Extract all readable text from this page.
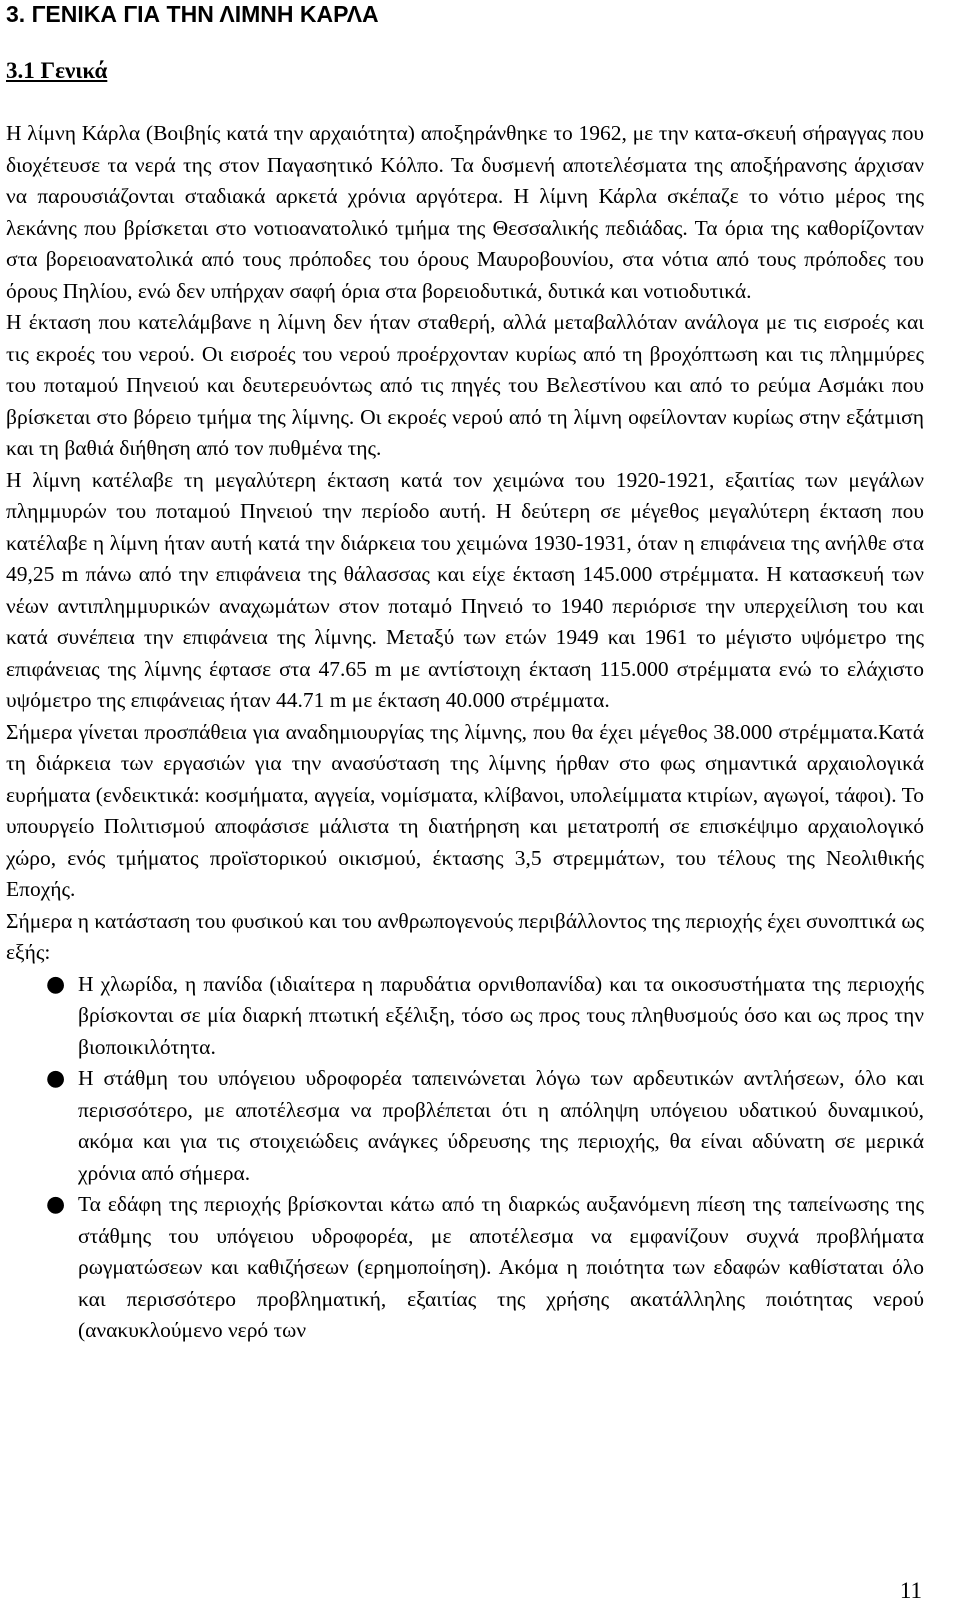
3. ΓΕΝΙΚΑ ΓΙΑ ΤΗΝ ΛΙΜΝΗ ΚΑΡΛΑ
3.1 Γενικά

Η λίμνη Κάρλα (Βοιβηίς κατά την αρχαιότητα) αποξηράνθηκε το 1962, με την κατα-σκευή σήραγγας που διοχέτευσε τα νερά της στον Παγασητικό Κόλπο. Τα δυσμενή αποτελέσματα της αποξήρανσης άρχισαν να παρουσιάζονται σταδιακά αρκετά χρόνια αργότερα. Η λίμνη Κάρλα σκέπαζε το νότιο μέρος της λεκάνης που βρίσκεται στο νοτιοανατολικό τμήμα της Θεσσαλικής πεδιάδας. Τα όρια της καθορίζονταν στα βορειοανατολικά από τους πρόποδες του όρους Μαυροβουνίου, στα νότια από τους πρόποδες του όρους Πηλίου, ενώ δεν υπήρχαν σαφή όρια στα βορειοδυτικά, δυτικά και νοτιοδυτικά.

Η έκταση που κατελάμβανε η λίμνη δεν ήταν σταθερή, αλλά μεταβαλλόταν ανάλογα με τις εισροές και τις εκροές του νερού. Οι εισροές του νερού προέρχονταν κυρίως από τη βροχόπτωση και τις πλημμύρες του ποταμού Πηνειού και δευτερευόντως από τις πηγές του Βελεστίνου και από το ρεύμα Ασμάκι που βρίσκεται στο βόρειο τμήμα της λίμνης. Οι εκροές νερού από τη λίμνη οφείλονταν κυρίως στην εξάτμιση και τη βαθιά διήθηση από τον πυθμένα της.

Η λίμνη κατέλαβε τη μεγαλύτερη έκταση κατά τον χειμώνα του 1920-1921, εξαιτίας των μεγάλων πλημμυρών του ποταμού Πηνειού την περίοδο αυτή. Η δεύτερη σε μέγεθος μεγαλύτερη έκταση που κατέλαβε η λίμνη ήταν αυτή κατά την διάρκεια του χειμώνα 1930-1931, όταν η επιφάνεια της ανήλθε στα 49,25 m πάνω από την επιφάνεια της θάλασσας και είχε έκταση 145.000 στρέμματα. Η κατασκευή των νέων αντιπλημμυρικών αναχωμάτων στον ποταμό Πηνειό το 1940 περιόρισε την υπερχείλιση του και κατά συνέπεια την επιφάνεια της λίμνης. Μεταξύ των ετών 1949 και 1961 το μέγιστο υψόμετρο της επιφάνειας της λίμνης έφτασε στα 47.65 m με αντίστοιχη έκταση 115.000 στρέμματα ενώ το ελάχιστο υψόμετρο της επιφάνειας ήταν 44.71 m με έκταση 40.000 στρέμματα.

Σήμερα γίνεται προσπάθεια για αναδημιουργίας της λίμνης, που θα έχει μέγεθος 38.000 στρέμματα.Κατά τη διάρκεια των εργασιών για την ανασύσταση της λίμνης ήρθαν στο φως σημαντικά αρχαιολογικά ευρήματα (ενδεικτικά: κοσμήματα, αγγεία, νομίσματα, κλίβανοι, υπολείμματα κτιρίων, αγωγοί, τάφοι). Το υπουργείο Πολιτισμού αποφάσισε μάλιστα τη διατήρηση και μετατροπή σε επισκέψιμο αρχαιολογικό χώρο, ενός τμήματος προϊστορικού οικισμού, έκτασης 3,5 στρεμμάτων, του τέλους της Νεολιθικής Εποχής.

Σήμερα η κατάσταση του φυσικού και του ανθρωπογενούς περιβάλλοντος της περιοχής έχει συνοπτικά ως εξής:

● Η χλωρίδα, η πανίδα (ιδιαίτερα η παρυδάτια ορνιθοπανίδα) και τα οικοσυστήματα της περιοχής βρίσκονται σε μία διαρκή πτωτική εξέλιξη, τόσο ως προς τους πληθυσμούς όσο και ως προς την βιοποικιλότητα.
● Η στάθμη του υπόγειου υδροφορέα ταπεινώνεται λόγω των αρδευτικών αντλήσεων, όλο και περισσότερο, με αποτέλεσμα να προβλέπεται ότι η απόληψη υπόγειου υδατικού δυναμικού, ακόμα και για τις στοιχειώδεις ανάγκες ύδρευσης της περιοχής, θα είναι αδύνατη σε μερικά χρόνια από σήμερα.
● Τα εδάφη της περιοχής βρίσκονται κάτω από τη διαρκώς αυξανόμενη πίεση της ταπείνωσης της στάθμης του υπόγειου υδροφορέα, με αποτέλεσμα να εμφανίζουν συχνά προβλήματα ρωγματώσεων και καθιζήσεων (ερημοποίηση). Ακόμα η ποιότητα των εδαφών καθίσταται όλο και περισσότερο προβληματική, εξαιτίας της χρήσης ακατάλληλης ποιότητας νερού (ανακυκλούμενο νερό των
11
